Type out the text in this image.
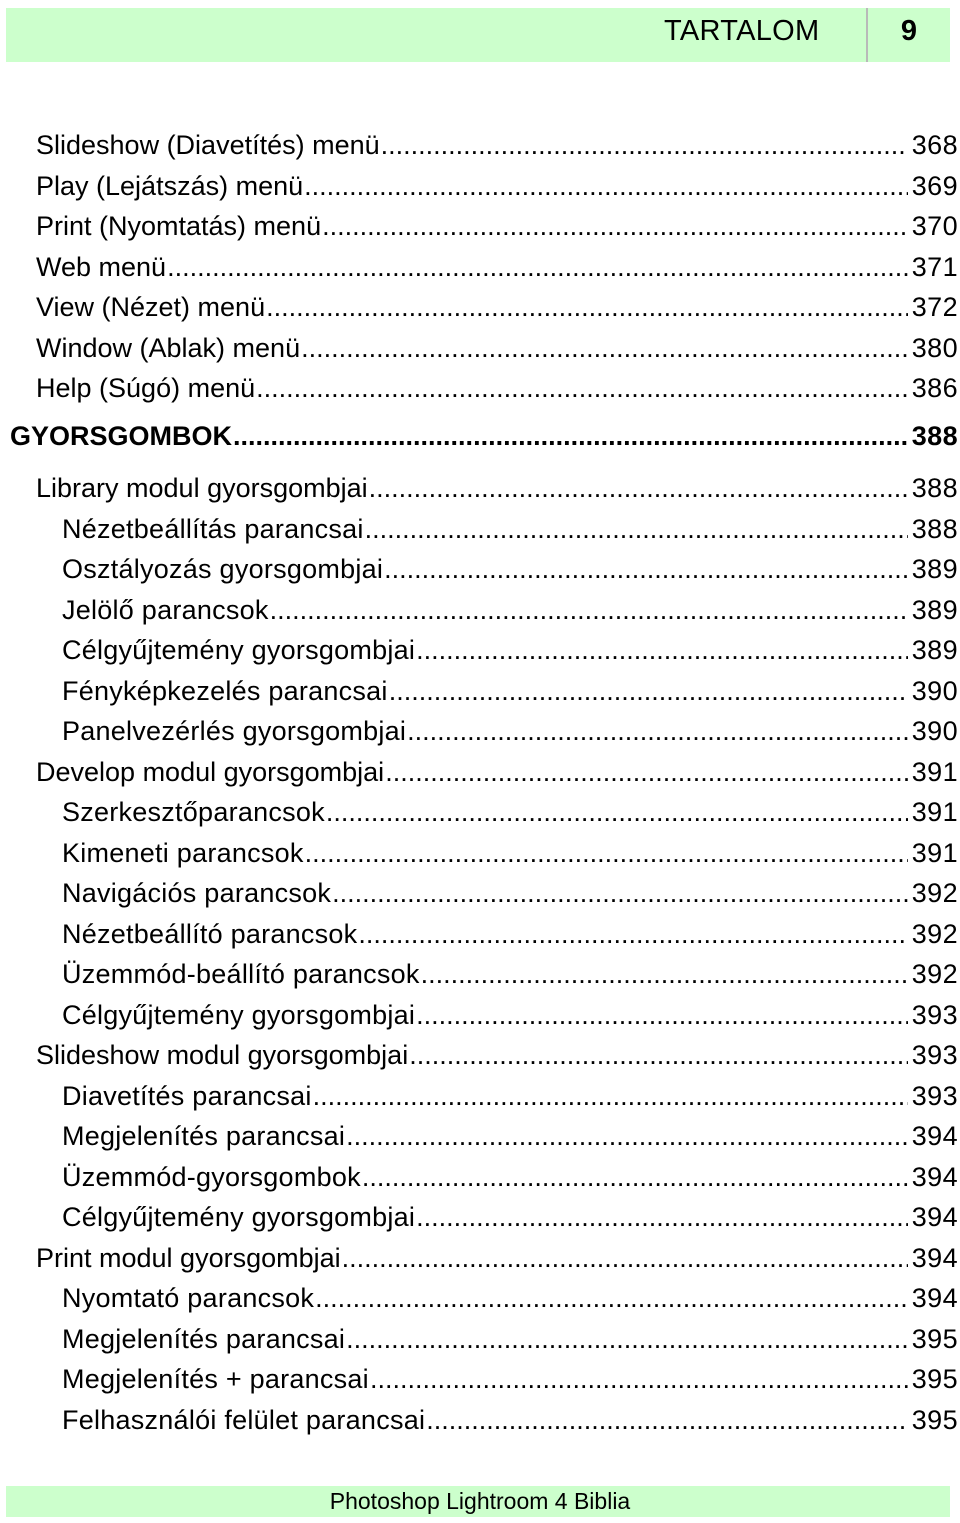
TARTALOM	9
Slideshow (Diavetítés) menü .....	368
Play (Lejátszás) menü .....	369
Print (Nyomtatás) menü .....	370
Web menü .....	371
View (Nézet) menü .....	372
Window (Ablak) menü .....	380
Help (Súgó) menü .....	386
GYORSGOMBOK .....	388
Library modul gyorsgombjai .....	388
Nézetbeállítás parancsai .....	388
Osztályozás gyorsgombjai .....	389
Jelölő parancsok .....	389
Célgyűjtemény gyorsgombjai .....	389
Fényképkezelés parancsai .....	390
Panelvezérlés gyorsgombjai .....	390
Develop modul gyorsgombjai .....	391
Szerkesztőparancsok .....	391
Kimeneti parancsok .....	391
Navigációs parancsok .....	392
Nézetbeállító parancsok .....	392
Üzemmód-beállító parancsok .....	392
Célgyűjtemény gyorsgombjai .....	393
Slideshow modul gyorsgombjai .....	393
Diavetítés parancsai .....	393
Megjelenítés parancsai .....	394
Üzemmód-gyorsgombok .....	394
Célgyűjtemény gyorsgombjai .....	394
Print modul gyorsgombjai .....	394
Nyomtató parancsok .....	394
Megjelenítés parancsai .....	395
Megjelenítés + parancsai .....	395
Felhasználói felület parancsai .....	395
Photoshop Lightroom 4 Biblia
